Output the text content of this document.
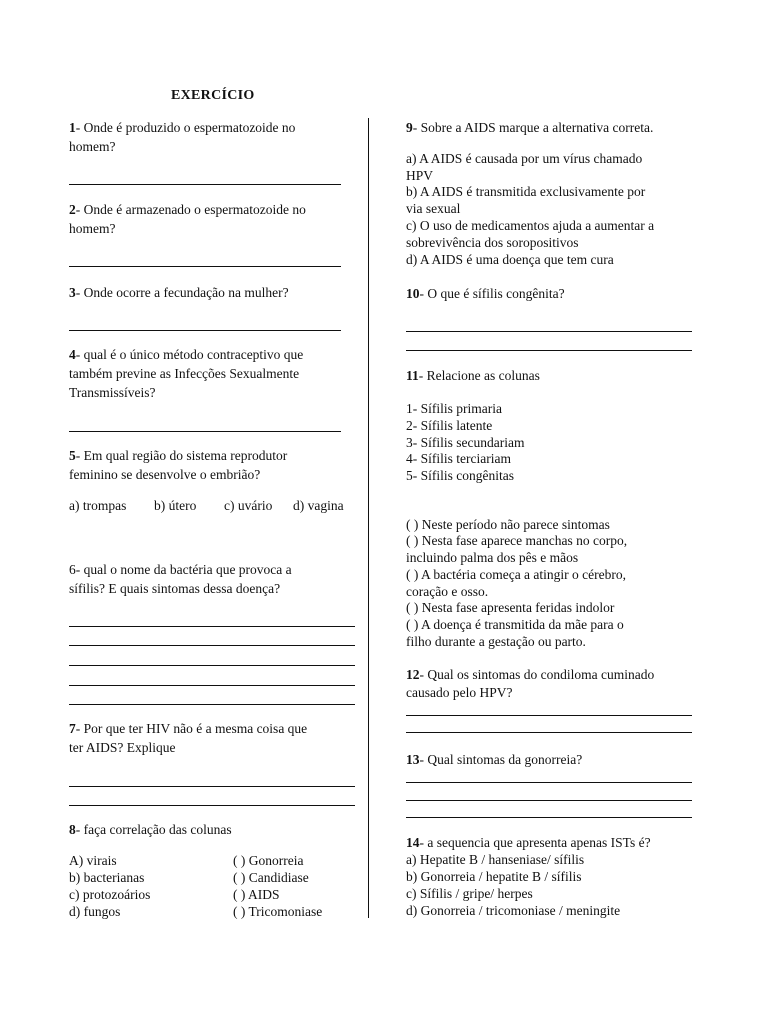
EXERCÍCIO
1- Onde é produzido o espermatozoide no
homem?
2- Onde é armazenado o espermatozoide no
homem?
3- Onde ocorre a fecundação na mulher?
4- qual é o único método contraceptivo que
também previne as Infecções Sexualmente
Transmissíveis?
5- Em qual região do sistema reprodutor
feminino se desenvolve o embrião?
a) trompas b) útero c) uvário d) vagina
6- qual o nome da bactéria que provoca a
sífilis? E quais sintomas dessa doença?
7- Por que ter HIV não é a mesma coisa que
ter AIDS? Explique
8- faça correlação das colunas
A) virais
b) bacterianas
c) protozoários
d) fungos
( ) Gonorreia
( ) Candidiase
( ) AIDS
( ) Tricomoniase
9- Sobre a AIDS marque a alternativa correta.
a) A AIDS é causada por um vírus chamado
HPV
b) A AIDS é transmitida exclusivamente por
via sexual
c) O uso de medicamentos ajuda a aumentar a
sobrevivência dos soropositivos
d) A AIDS é uma doença que tem cura
10- O que é sífilis congênita?
11- Relacione as colunas
1- Sífilis primaria
2- Sífilis latente
3- Sífilis secundariam
4- Sífilis terciariam
5- Sífilis congênitas
( ) Neste período não parece sintomas
( ) Nesta fase aparece manchas no corpo,
incluindo palma dos pês e mãos
( ) A bactéria começa a atingir o cérebro,
coração e osso.
( ) Nesta fase apresenta feridas indolor
( ) A doença é transmitida da mãe para o
filho durante a gestação ou parto.
12- Qual os sintomas do condiloma cuminado
causado pelo HPV?
13- Qual sintomas da gonorreia?
14- a sequencia que apresenta apenas ISTs é?
a) Hepatite B / hanseniase/ sífilis
b) Gonorreia / hepatite B / sífilis
c) Sífilis / gripe/ herpes
d) Gonorreia / tricomoniase / meningite
